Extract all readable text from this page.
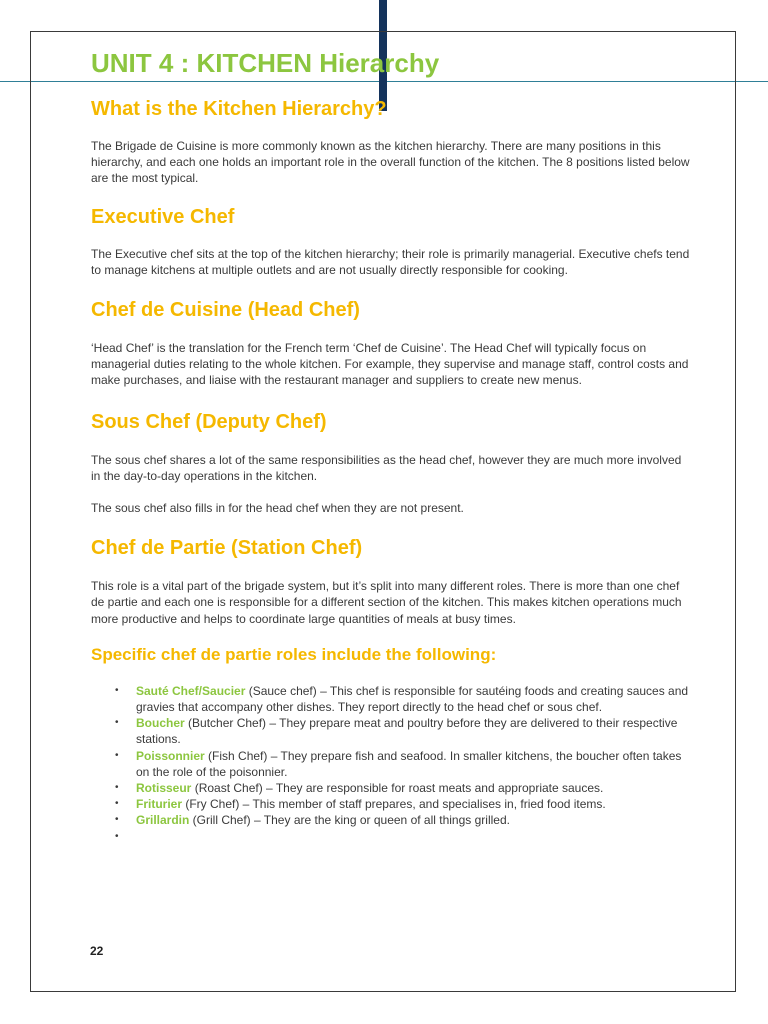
UNIT 4 : KITCHEN Hierarchy
What is the Kitchen Hierarchy?

The Brigade de Cuisine is more commonly known as the kitchen hierarchy. There are many positions in this hierarchy, and each one holds an important role in the overall function of the kitchen. The 8 positions listed below are the most typical.

Executive Chef

The Executive chef sits at the top of the kitchen hierarchy; their role is primarily managerial. Executive chefs tend to manage kitchens at multiple outlets and are not usually directly responsible for cooking.

Chef de Cuisine (Head Chef)

‘Head Chef’ is the translation for the French term ‘Chef de Cuisine’. The Head Chef will typically focus on managerial duties relating to the whole kitchen. For example, they supervise and manage staff, control costs and make purchases, and liaise with the restaurant manager and suppliers to create new menus.

Sous Chef (Deputy Chef)

The sous chef shares a lot of the same responsibilities as the head chef, however they are much more involved in the day-to-day operations in the kitchen.

The sous chef also fills in for the head chef when they are not present.

Chef de Partie (Station Chef)

This role is a vital part of the brigade system, but it’s split into many different roles. There is more than one chef de partie and each one is responsible for a different section of the kitchen. This makes kitchen operations much more productive and helps to coordinate large quantities of meals at busy times.

Specific chef de partie roles include the following:
• Sauté Chef/Saucier (Sauce chef) – This chef is responsible for sautéing foods and creating sauces and gravies that accompany other dishes. They report directly to the head chef or sous chef.
• Boucher (Butcher Chef) – They prepare meat and poultry before they are delivered to their respective stations.
• Poissonnier (Fish Chef) – They prepare fish and seafood. In smaller kitchens, the boucher often takes on the role of the poisonnier.
• Rotisseur (Roast Chef) – They are responsible for roast meats and appropriate sauces.
• Friturier (Fry Chef) – This member of staff prepares, and specialises in, fried food items.
• Grillardin (Grill Chef) – They are the king or queen of all things grilled.
•
22
